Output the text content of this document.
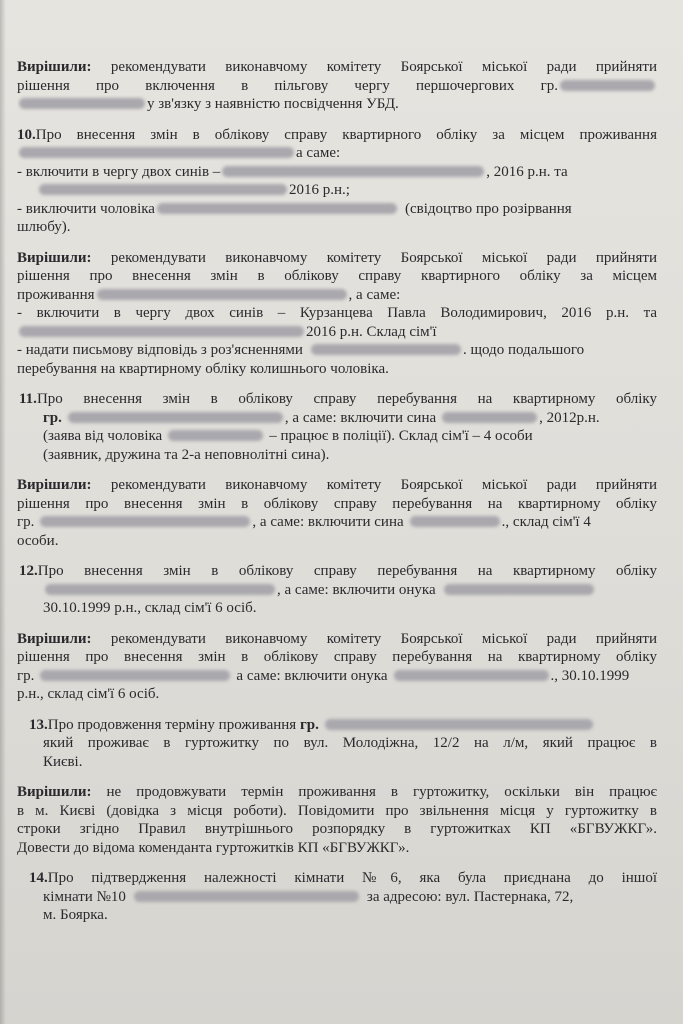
Вирішили: рекомендувати виконавчому комітету Боярської міської ради прийняти
рішення про включення в пільгову чергу першочергових гр.
у зв'язку з наявністю посвідчення УБД.
10.Про внесення змін в облікову справу квартирного обліку за місцем проживання
а саме:
- включити в чергу двох синів –	, 2016 р.н. та
2016 р.н.;
- виключити чоловіка	(свідоцтво про розірвання
шлюбу).
Вирішили: рекомендувати виконавчому комітету Боярської міської ради прийняти
рішення про внесення змін в облікову справу квартирного обліку за місцем
проживання	, а саме:
- включити в чергу двох синів – Курзанцева Павла Володимирович, 2016 р.н. та
2016 р.н. Склад сім'ї
- надати письмову відповідь з роз'ясненнями	. щодо подальшого
перебування на квартирному обліку колишнього чоловіка.
11.Про внесення змін в облікову справу перебування на квартирному обліку
гр.	, а саме: включити сина	, 2012р.н.
(заява від чоловіка	– працює в поліції). Склад сім'ї – 4 особи
(заявник, дружина та 2-а неповнолітні сина).
Вирішили: рекомендувати виконавчому комітету Боярської міської ради прийняти
рішення про внесення змін в облікову справу перебування на квартирному обліку
гр.	, а саме: включити сина	., склад сім'ї 4
особи.
12.Про внесення змін в облікову справу перебування на квартирному обліку
, а саме: включити онука
30.10.1999 р.н., склад сім'ї 6 осіб.
Вирішили: рекомендувати виконавчому комітету Боярської міської ради прийняти
рішення про внесення змін в облікову справу перебування на квартирному обліку
гр.	а саме: включити онука	., 30.10.1999
р.н., склад сім'ї 6 осіб.
13.Про продовження терміну проживання гр.
який проживає в гуртожитку по вул. Молодіжна, 12/2 на л/м, який працює в
Києві.
Вирішили: не продовжувати термін проживання в гуртожитку, оскільки він працює
в м. Києві (довідка з місця роботи). Повідомити про звільнення місця у гуртожитку в
строки згідно Правил внутрішнього розпорядку в гуртожитках КП «БГВУЖКГ».
Довести до відома коменданта гуртожитків КП «БГВУЖКГ».
14.Про підтвердження належності кімнати №6, яка була приєднана до іншої
кімнати №10	за адресою: вул. Пастернака, 72,
м. Боярка.
